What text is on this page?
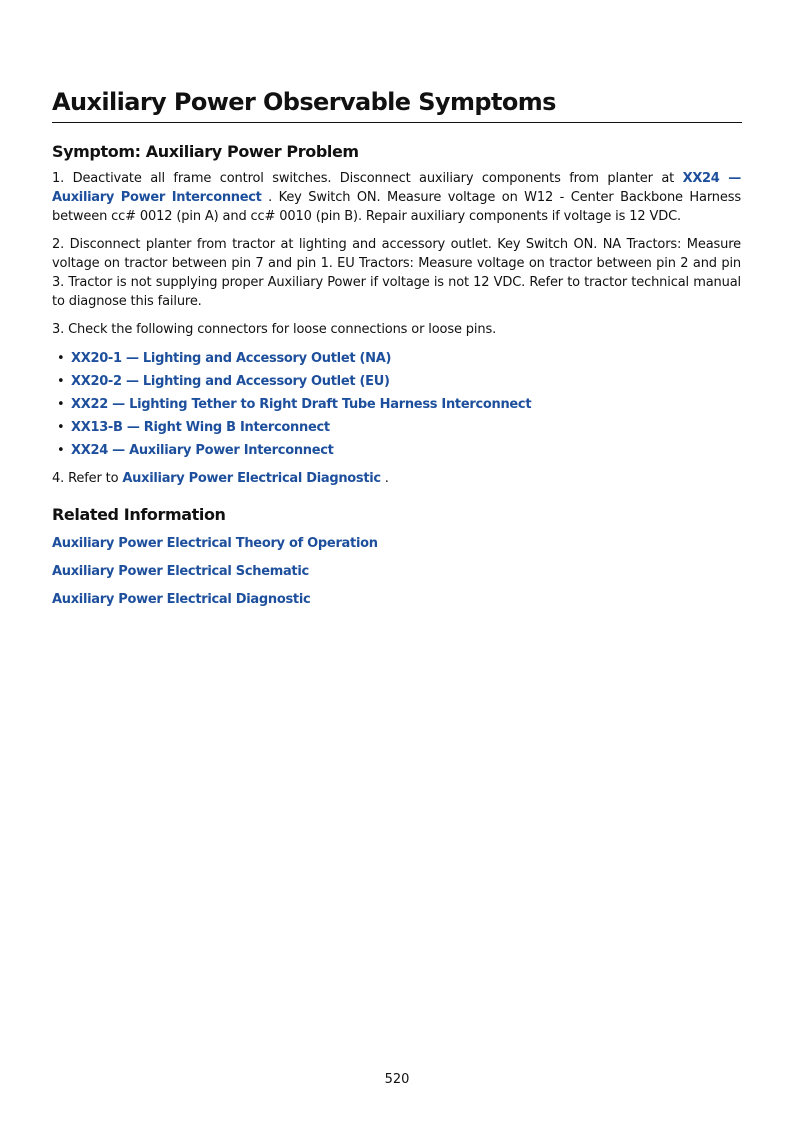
Auxiliary Power Observable Symptoms
Symptom: Auxiliary Power Problem

1. Deactivate all frame control switches. Disconnect auxiliary components from planter at XX24 — Auxiliary Power Interconnect . Key Switch ON. Measure voltage on W12 - Center Backbone Harness between cc# 0012 (pin A) and cc# 0010 (pin B). Repair auxiliary components if voltage is 12 VDC.

2. Disconnect planter from tractor at lighting and accessory outlet. Key Switch ON. NA Tractors: Measure voltage on tractor between pin 7 and pin 1. EU Tractors: Measure voltage on tractor between pin 2 and pin 3. Tractor is not supplying proper Auxiliary Power if voltage is not 12 VDC. Refer to tractor technical manual to diagnose this failure.

3. Check the following connectors for loose connections or loose pins.

• XX20-1 — Lighting and Accessory Outlet (NA)
• XX20-2 — Lighting and Accessory Outlet (EU)
• XX22 — Lighting Tether to Right Draft Tube Harness Interconnect
• XX13-B — Right Wing B Interconnect
• XX24 — Auxiliary Power Interconnect

4. Refer to Auxiliary Power Electrical Diagnostic .

Related Information
Auxiliary Power Electrical Theory of Operation
Auxiliary Power Electrical Schematic
Auxiliary Power Electrical Diagnostic
520
